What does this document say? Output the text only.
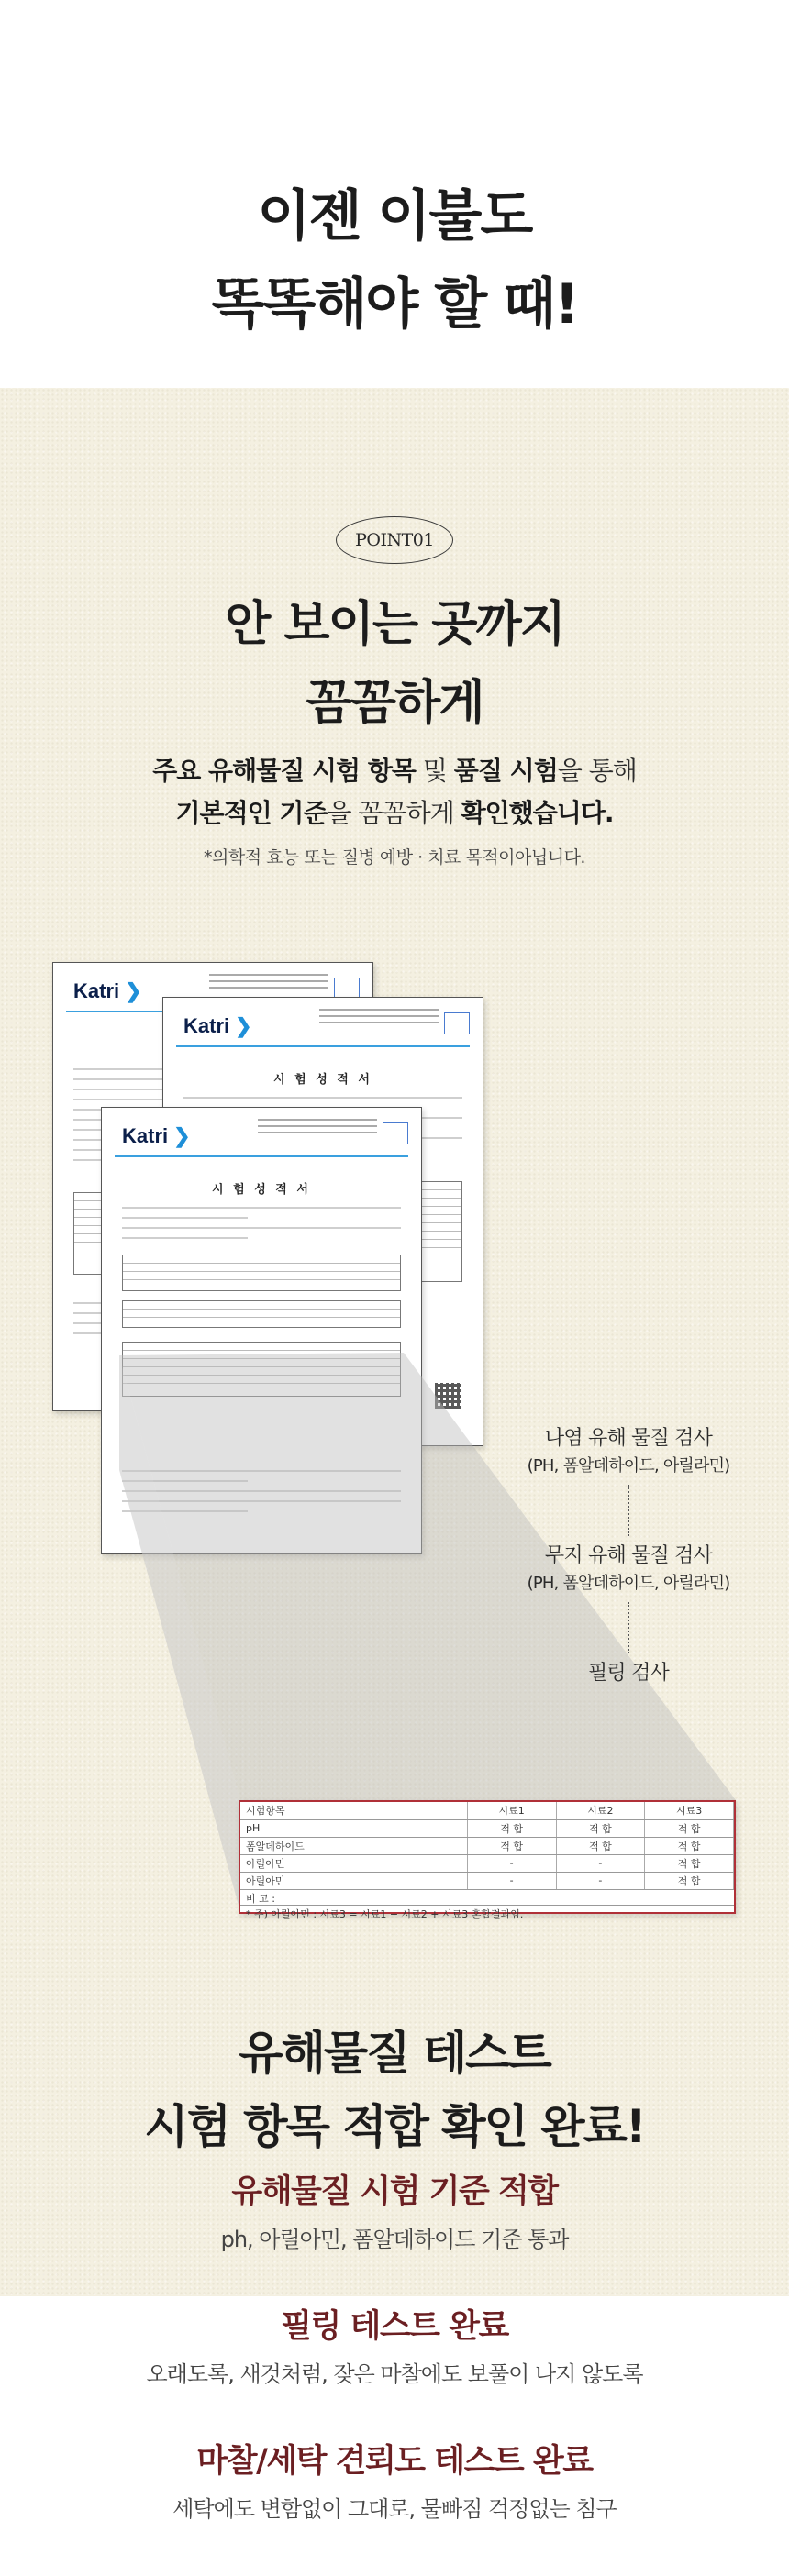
이젠 이불도
똑똑해야 할 때!
POINT01
안 보이는 곳까지
꼼꼼하게

주요 유해물질 시험 항목 및 품질 시험을 통해
기본적인 기준을 꼼꼼하게 확인했습니다.

*의학적 효능 또는 질병 예방 · 치료 목적이아닙니다.

Katri ❯
Katri ❯
시 험 성 적 서
Katri ❯
시 험 성 적 서
시험항목	시료1	시료2	시료3
pH	적 합	적 합	적 합
폼알데하이드	적 합	적 합	적 합
아릴아민	-	-	적 합
아릴아민	-	-	적 합
비 고 :
* 주) 아릴아민 : 시료3 = 시료1 + 시료2 + 시료3 혼합결과임.
나염 유해 물질 검사
(PH, 폼알데하이드, 아릴라민)
무지 유해 물질 검사
(PH, 폼알데하이드, 아릴라민)
필링 검사
유해물질 테스트
시험 항목 적합 확인 완료!
유해물질 시험 기준 적합
ph, 아릴아민, 폼알데하이드 기준 통과
필링 테스트 완료
오래도록, 새것처럼, 잦은 마찰에도 보풀이 나지 않도록
마찰/세탁 견뢰도 테스트 완료
세탁에도 변함없이 그대로, 물빠짐 걱정없는 침구
